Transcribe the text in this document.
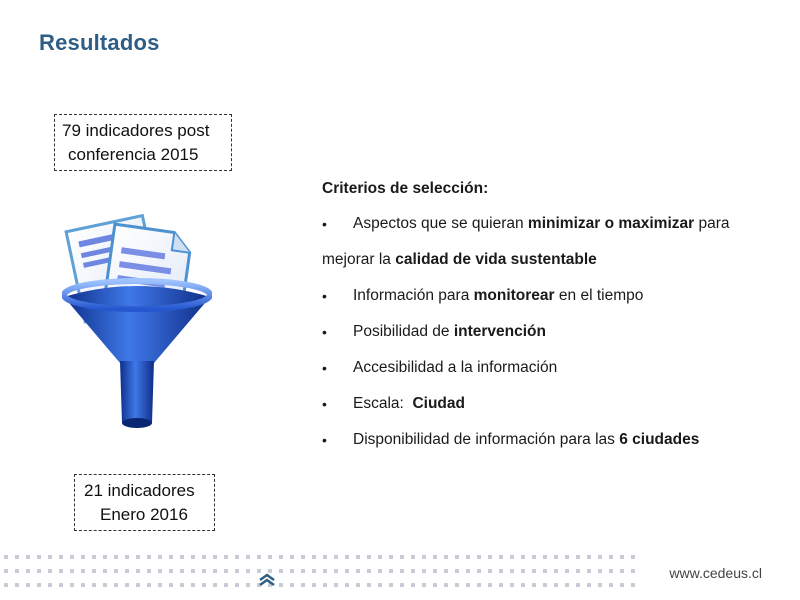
Resultados
79 indicadores post
conferencia 2015
Criterios de selección:
• Aspectos que se quieran minimizar o maximizar para
mejorar la calidad de vida sustentable
• Información para monitorear en el tiempo
• Posibilidad de intervención
• Accesibilidad a la información
• Escala:  Ciudad
• Disponibilidad de información para las 6 ciudades
21 indicadores
Enero 2016
www.cedeus.cl
